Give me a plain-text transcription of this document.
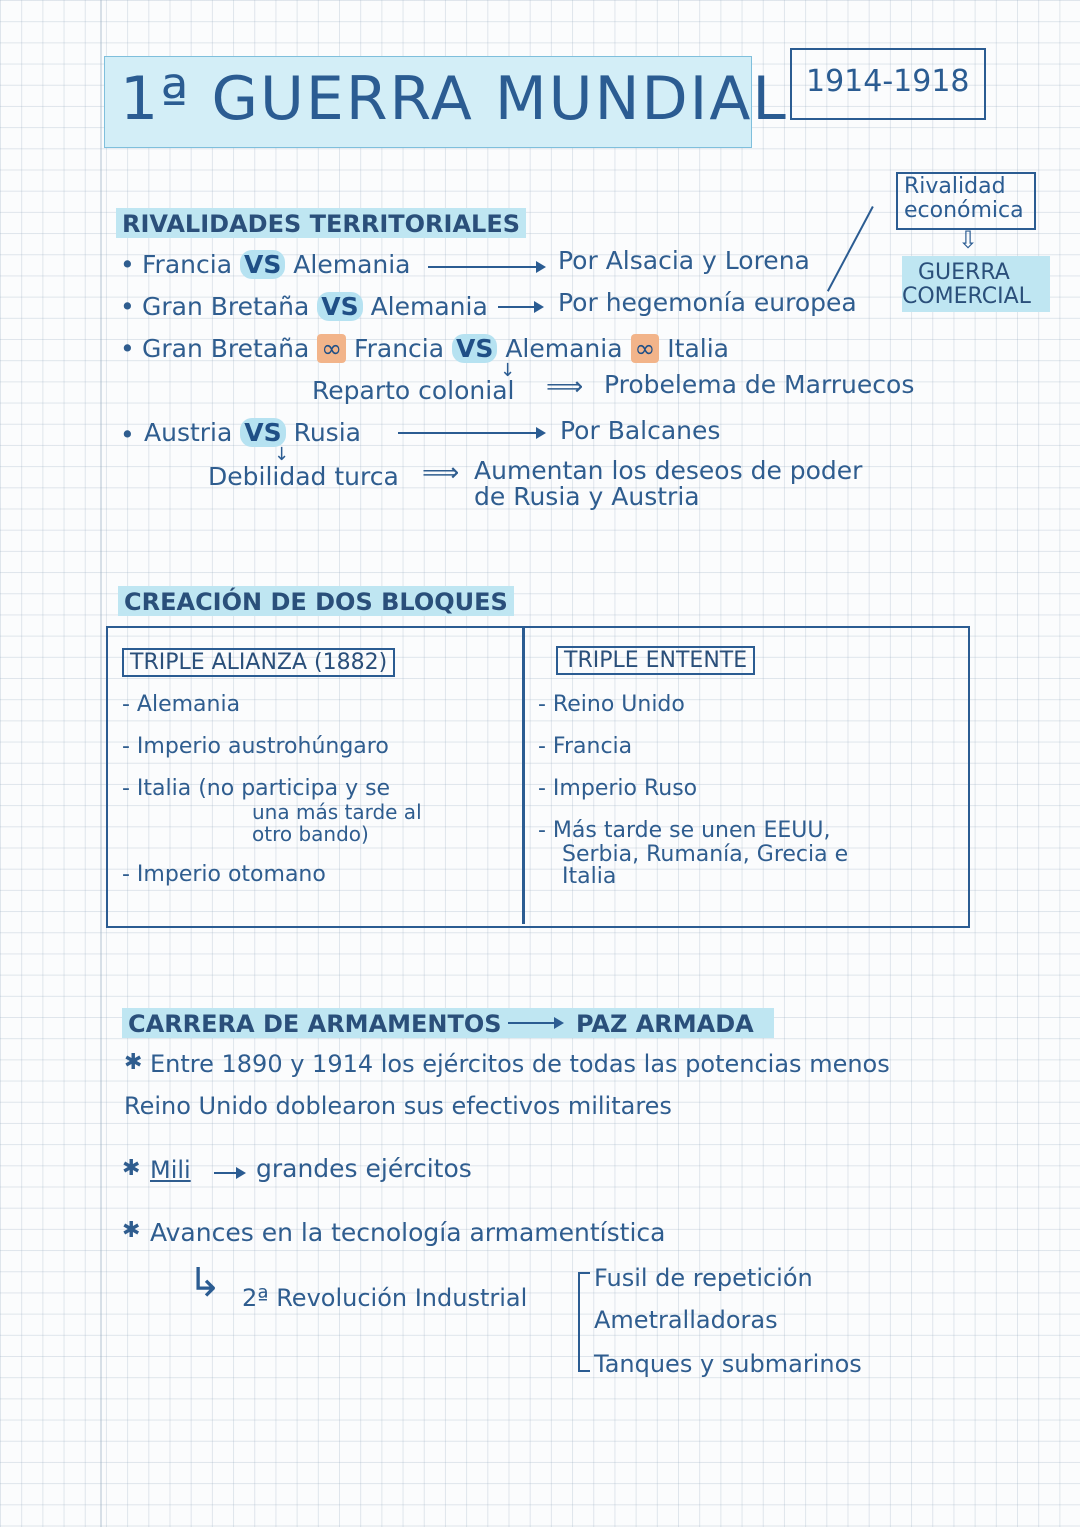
1ª GUERRA MUNDIAL 1914-1918
Rivalidad
económica
⇩
GUERRA
COMERCIAL
RIVALIDADES TERRITORIALES
• Francia VS Alemania	Por Alsacia y Lorena
• Gran Bretaña VS Alemania	Por hegemonía europea
• Gran Bretaña ∞ Francia VS Alemania ∞ Italia
↓
Reparto colonial ⟹ Probelema de Marruecos
• Austria VS Rusia	Por Balcanes
↓
Debilidad turca ⟹ Aumentan los deseos de poder
de Rusia y Austria
CREACIÓN DE DOS BLOQUES
TRIPLE ALIANZA (1882)
- Alemania
- Imperio austrohúngaro
- Italia (no participa y se
una más tarde al
otro bando)
- Imperio otomano
TRIPLE ENTENTE
- Reino Unido
- Francia
- Imperio Ruso
- Más tarde se unen EEUU,
Serbia, Rumanía, Grecia e
Italia
CARRERA DE ARMAMENTOS	PAZ ARMADA
✱ Entre 1890 y 1914 los ejércitos de todas las potencias menos
Reino Unido doblearon sus efectivos militares
✱ Mili	grandes ejércitos
✱ Avances en la tecnología armamentística
↳ 2ª Revolución Industrial
Fusil de repetición
Ametralladoras
Tanques y submarinos
